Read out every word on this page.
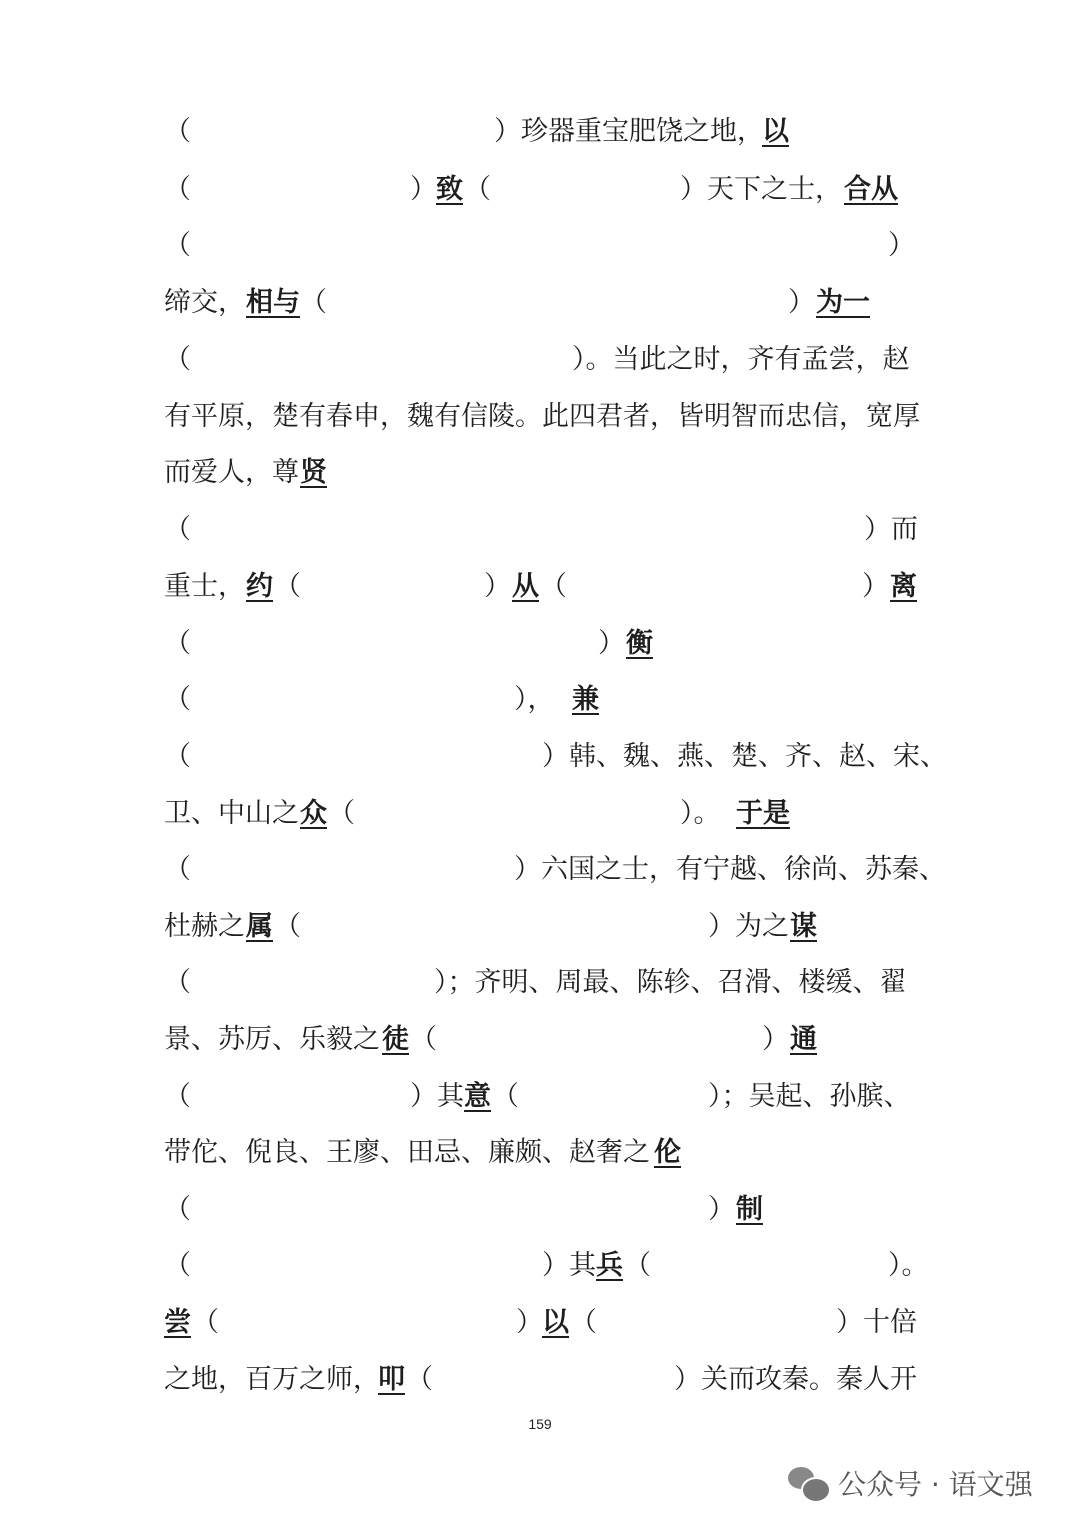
（	）珍器重宝肥饶之地，
以
（	） 致 （	）天下之士， 合从
（	）
缔交， 相与 （	） 为一
（	）。当此之时，齐有孟尝，赵
有平原，楚有春申，魏有信陵。此四君者，皆明智而忠信，宽厚
而爱人，尊 贤
（	）而
重士， 约 （	） 从 （	） 离
（	） 衡
（	）， 兼
（	）韩、魏、燕、楚、齐、赵、宋、
卫、中山之 众 （	）。 于是
（	）六国之士，有宁越、徐尚、苏秦、
杜赫之 属 （	）为之 谋
（	）；齐明、周最、陈轸、召滑、楼缓、翟
景、苏厉、乐毅之 徒 （	） 通
（	）其 意 （	）；吴起、孙膑、
带佗、倪良、王廖、田忌、廉颇、赵奢之 伦
（	） 制
（	）其 兵 （	）。
尝 （	） 以 （	）十倍
之地，百万之师，
叩 （	）关而攻秦。秦人开
159
公众号 · 语文强
